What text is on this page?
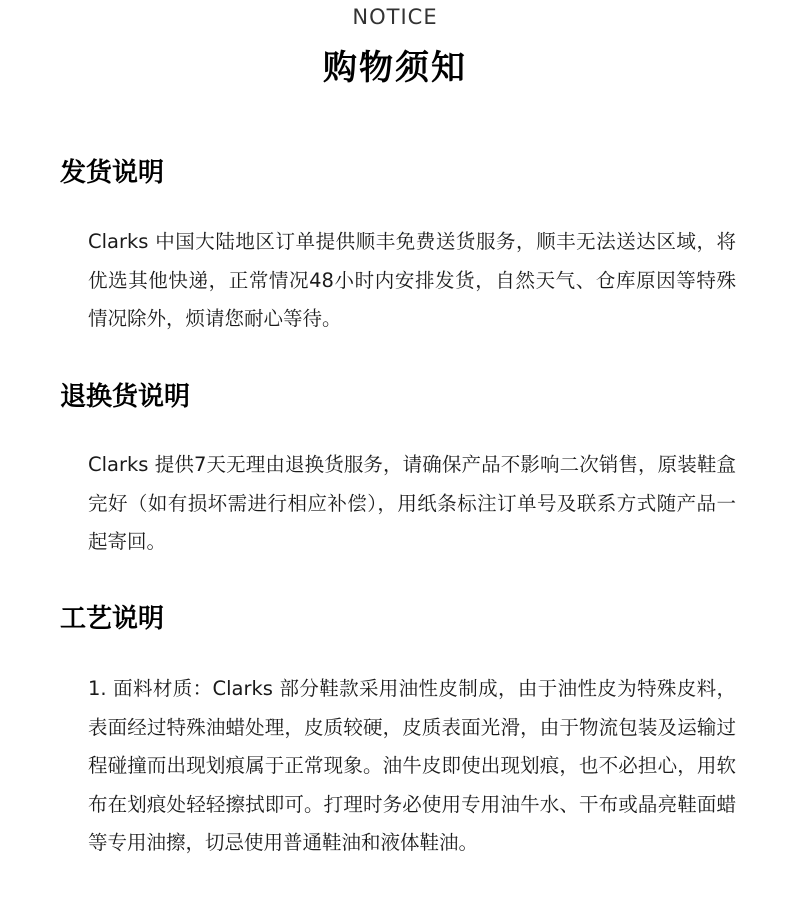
NOTICE
购物须知
发货说明

Clarks 中国大陆地区订单提供顺丰免费送货服务，顺丰无法送达区域，将优选其他快递，正常情况48小时内安排发货，自然天气、仓库原因等特殊情况除外，烦请您耐心等待。

退换货说明

Clarks 提供7天无理由退换货服务，请确保产品不影响二次销售，原装鞋盒完好（如有损坏需进行相应补偿），用纸条标注订单号及联系方式随产品一起寄回。

工艺说明

1. 面料材质：Clarks 部分鞋款采用油性皮制成，由于油性皮为特殊皮料，表面经过特殊油蜡处理，皮质较硬，皮质表面光滑，由于物流包装及运输过程碰撞而出现划痕属于正常现象。油牛皮即使出现划痕，也不必担心，用软布在划痕处轻轻擦拭即可。打理时务必使用专用油牛水、干布或晶亮鞋面蜡等专用油擦，切忌使用普通鞋油和液体鞋油。
